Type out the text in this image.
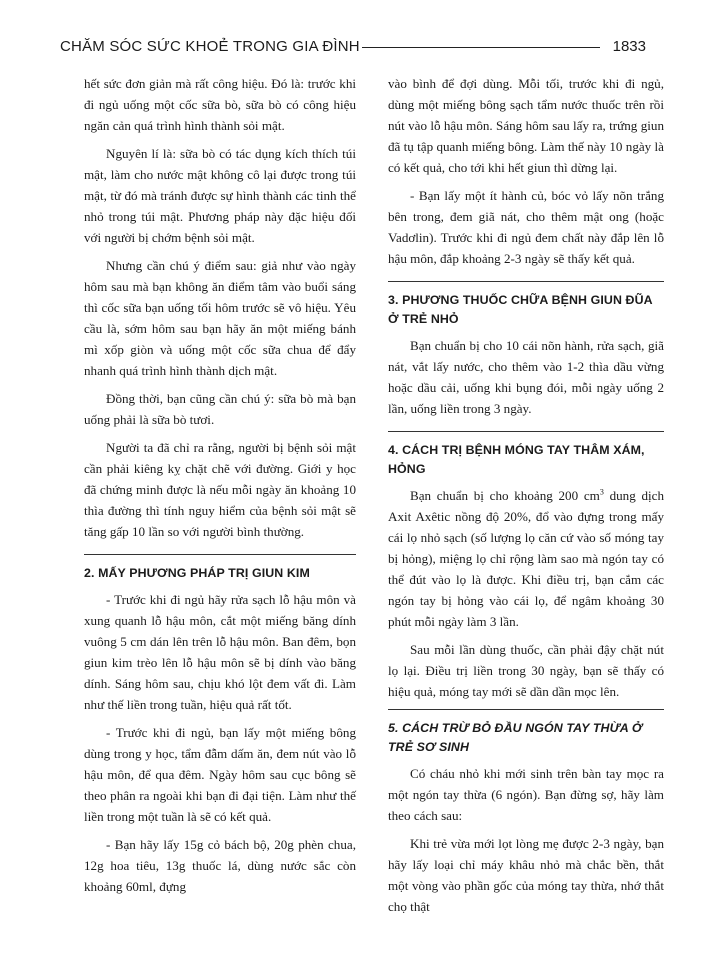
CHĂM SÓC SỨC KHOẺ TRONG GIA ĐÌNH	1833

hết sức đơn giản mà rất công hiệu. Đó là: trước khi đi ngủ uống một cốc sữa bò, sữa bò có công hiệu ngăn cản quá trình hình thành sỏi mật.

Nguyên lí là: sữa bò có tác dụng kích thích túi mật, làm cho nước mật không cô lại được trong túi mật, từ đó mà tránh được sự hình thành các tinh thể nhỏ trong túi mật. Phương pháp này đặc hiệu đối với người bị chớm bệnh sỏi mật.

Nhưng cần chú ý điểm sau: giả như vào ngày hôm sau mà bạn không ăn điểm tâm vào buổi sáng thì cốc sữa bạn uống tối hôm trước sẽ vô hiệu. Yêu cầu là, sớm hôm sau bạn hãy ăn một miếng bánh mì xốp giòn và uống một cốc sữa chua để đẩy nhanh quá trình hình thành dịch mật.

Đồng thời, bạn cũng cần chú ý: sữa bò mà bạn uống phải là sữa bò tươi.

Người ta đã chỉ ra rằng, người bị bệnh sỏi mật cần phải kiêng kỵ chặt chẽ với đường. Giới y học đã chứng minh được là nếu mỗi ngày ăn khoảng 10 thìa đường thì tính nguy hiểm của bệnh sỏi mật sẽ tăng gấp 10 lần so với người bình thường.

2. MẤY PHƯƠNG PHÁP TRỊ GIUN KIM

- Trước khi đi ngủ hãy rửa sạch lỗ hậu môn và xung quanh lỗ hậu môn, cắt một miếng băng dính vuông 5 cm dán lên trên lỗ hậu môn. Ban đêm, bọn giun kim trèo lên lỗ hậu môn sẽ bị dính vào băng dính. Sáng hôm sau, chịu khó lột đem vất đi. Làm như thế liền trong tuần, hiệu quả rất tốt.

- Trước khi đi ngủ, bạn lấy một miếng bông dùng trong y học, tẩm đẫm dấm ăn, đem nút vào lỗ hậu môn, để qua đêm. Ngày hôm sau cục bông sẽ theo phân ra ngoài khi bạn đi đại tiện. Làm như thế liền trong một tuần là sẽ có kết quả.

- Bạn hãy lấy 15g cỏ bách bộ, 20g phèn chua, 12g hoa tiêu, 13g thuốc lá, dùng nước sắc còn khoảng 60ml, đựng

vào bình để đợi dùng. Mỗi tối, trước khi đi ngủ, dùng một miếng bông sạch tẩm nước thuốc trên rồi nút vào lỗ hậu môn. Sáng hôm sau lấy ra, trứng giun đã tụ tập quanh miếng bông. Làm thế này 10 ngày là có kết quả, cho tới khi hết giun thì dừng lại.

- Bạn lấy một ít hành củ, bóc vỏ lấy nõn trắng bên trong, đem giã nát, cho thêm mật ong (hoặc Vadơlin). Trước khi đi ngủ đem chất này đắp lên lỗ hậu môn, đắp khoảng 2-3 ngày sẽ thấy kết quả.

3. PHƯƠNG THUỐC CHỮA BỆNH GIUN ĐŨA Ở TRẺ NHỎ

Bạn chuẩn bị cho 10 cái nõn hành, rửa sạch, giã nát, vắt lấy nước, cho thêm vào 1-2 thìa dầu vừng hoặc dầu cải, uống khi bụng đói, mỗi ngày uống 2 lần, uống liền trong 3 ngày.

4. CÁCH TRỊ BỆNH MÓNG TAY THÂM XÁM, HỎNG

Bạn chuẩn bị cho khoảng 200 $cm^3$ dung dịch Axit Axêtic nồng độ 20%, đổ vào đựng trong mấy cái lọ nhỏ sạch (số lượng lọ căn cứ vào số móng tay bị hỏng), miệng lọ chỉ rộng làm sao mà ngón tay có thể đút vào lọ là được. Khi điều trị, bạn cắm các ngón tay bị hỏng vào cái lọ, để ngâm khoảng 30 phút mỗi ngày làm 3 lần.

Sau mỗi lần dùng thuốc, cần phải đậy chặt nút lọ lại. Điều trị liền trong 30 ngày, bạn sẽ thấy có hiệu quả, móng tay mới sẽ dần dần mọc lên.

5. CÁCH TRỪ BỎ ĐẦU NGÓN TAY THỪA Ở TRẺ SƠ SINH

Có cháu nhỏ khi mới sinh trên bàn tay mọc ra một ngón tay thừa (6 ngón). Bạn đừng sợ, hãy làm theo cách sau:

Khi trẻ vừa mới lọt lòng mẹ được 2-3 ngày, bạn hãy lấy loại chỉ máy khâu nhỏ mà chắc bền, thắt một vòng vào phần gốc của móng tay thừa, nhớ thắt chọ thật
